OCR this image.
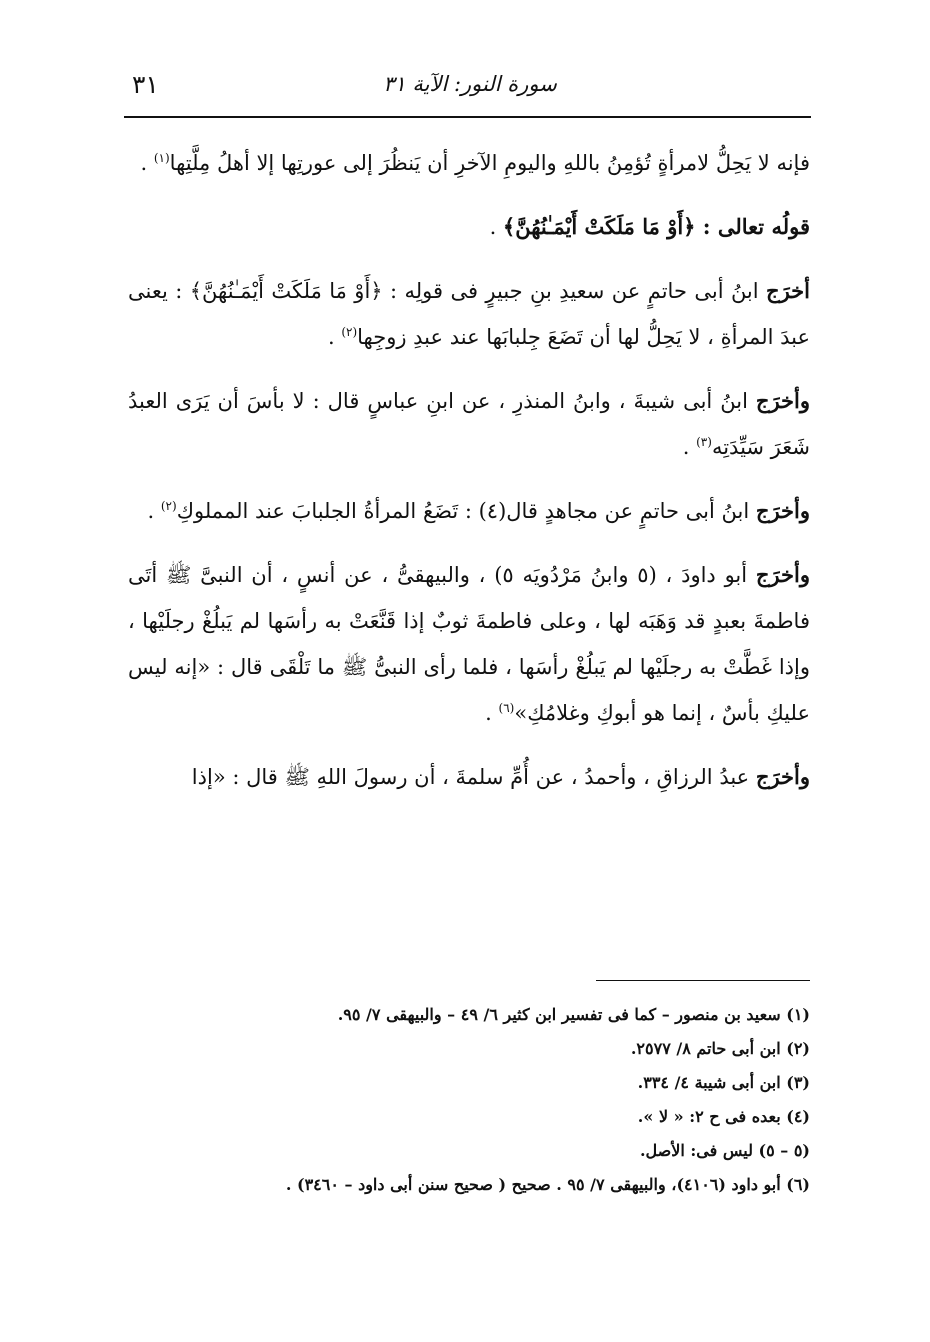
٣١	سورة النور: الآية ٣١

فإنه لا يَحِلُّ لامرأةٍ تُؤمِنُ باللهِ واليومِ الآخرِ أن يَنظُرَ إلى عورتِها إلا أهلُ مِلَّتِها$^{(١)}$ .

قولُه تعالى : ﴿أَوْ مَا مَلَكَتْ أَيْمَـٰنُهُنَّ﴾ .

أخرَج ابنُ أبى حاتمٍ عن سعيدِ بنِ جبيرٍ فى قولِه : ﴿أَوْ مَا مَلَكَتْ أَيْمَـٰنُهُنَّ﴾ : يعنى عبدَ المرأةِ ، لا يَحِلُّ لها أن تَضَعَ جِلبابَها عند عبدِ زوجِها$^{(٢)}$ .

وأخرَج ابنُ أبى شيبةَ ، وابنُ المنذرِ ، عن ابنِ عباسٍ قال : لا بأسَ أن يَرَى العبدُ شَعَرَ سَيِّدَتِه$^{(٣)}$ .

وأخرَج ابنُ أبى حاتمٍ عن مجاهدٍ قال(٤) : تَضَعُ المرأةُ الجلبابَ عند المملوكِ$^{(٢)}$ .

وأخرَج أبو داودَ ، (٥ وابنُ مَرْدُويَه ٥) ، والبيهقىُّ ، عن أنسٍ ، أن النبىَّ ﷺ أتَى فاطمةَ بعبدٍ قد وَهَبَه لها ، وعلى فاطمةَ ثوبٌ إذا قَنَّعَتْ به رأسَها لم يَبلُغْ رجلَيْها ، وإذا غَطَّتْ به رجلَيْها لم يَبلُغْ رأسَها ، فلما رأى النبىُّ ﷺ ما تَلْقَى قال : «إنه ليس عليكِ بأسٌ ، إنما هو أبوكِ وغلامُكِ»$^{(٦)}$ .

وأخرَج عبدُ الرزاقِ ، وأحمدُ ، عن أُمِّ سلمةَ ، أن رسولَ اللهِ ﷺ قال : «إذا

(١) سعيد بن منصور – كما فى تفسير ابن كثير ٦/ ٤٩ – والبيهقى ٧/ ٩٥.
(٢) ابن أبى حاتم ٨/ ٢٥٧٧.
(٣) ابن أبى شيبة ٤/ ٣٣٤.
(٤) بعده فى ح ٢: « لا ».
(٥ – ٥) ليس فى: الأصل.
(٦) أبو داود (٤١٠٦)، والبيهقى ٧/ ٩٥ . صحيح ( صحيح سنن أبى داود – ٣٤٦٠) .
